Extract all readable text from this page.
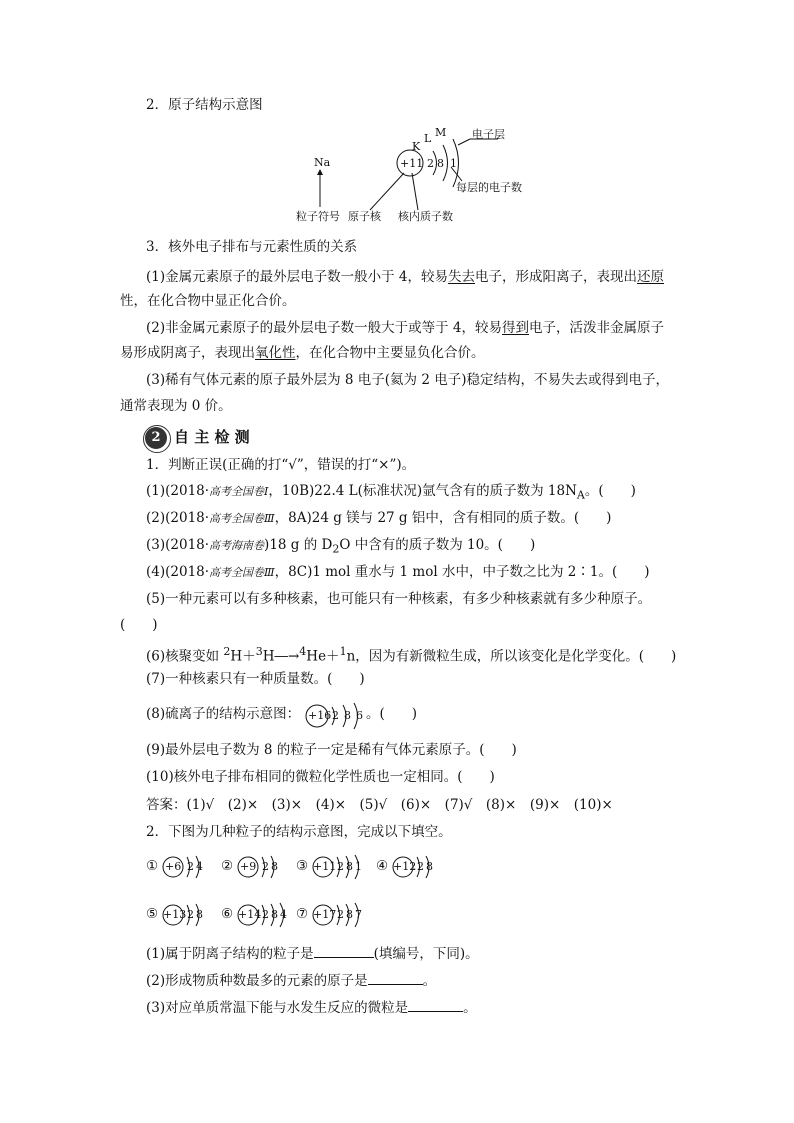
2．原子结构示意图
Na	+11 2 8 1
K
L M 电子层
每层的电子数
粒子符号 原子核 核内质子数
3．核外电子排布与元素性质的关系
(1)金属元素原子的最外层电子数一般小于 4，较易失去电子，形成阳离子，表现出还原
性，在化合物中显正化合价。
(2)非金属元素原子的最外层电子数一般大于或等于 4，较易得到电子，活泼非金属原子
易形成阴离子，表现出氧化性，在化合物中主要显负化合价。
(3)稀有气体元素的原子最外层为 8 电子(氦为 2 电子)稳定结构，不易失去或得到电子，
通常表现为 0 价。
2 自 主 检 测
1．判断正误(正确的打“√”，错误的打“×”)。
(1)(2018·高考全国卷Ⅰ，10B)22.4 L(标准状况)氩气含有的质子数为 $18N_A$。(　　)
(2)(2018·高考全国卷Ⅲ，8A)24 g 镁与 27 g 铝中，含有相同的质子数。(　　)
(3)(2018·高考海南卷)18 g 的 $D_2O$ 中含有的质子数为 10。(　　)
(4)(2018·高考全国卷Ⅲ，8C)1 mol 重水与 1 mol 水中，中子数之比为 2∶1。(　　)
(5)一种元素可以有多种核素，也可能只有一种核素，有多少种核素就有多少种原子。
(　　)
(6)核聚变如 $^2$H＋$^3$H―→$^4$He＋$^1$n，因为有新微粒生成，所以该变化是化学变化。(　　)
(7)一种核素只有一种质量数。(　　)
(8)硫离子的结构示意图： +16 2 8 6 。(　　)
(9)最外层电子数为 8 的粒子一定是稀有气体元素原子。(　　)
(10)核外电子排布相同的微粒化学性质也一定相同。(　　)
答案：(1)√　(2)×　(3)×　(4)×　(5)√　(6)×　(7)√　(8)×　(9)×　(10)×
2．下图为几种粒子的结构示意图，完成以下填空。
① +6 2 4 ② +9 2 8 ③ +11 2 8 1 ④ +12 2 8
⑤ +13 2 8 ⑥ +14 2 8 4 ⑦ +17 2 8 7
(1)属于阴离子结构的粒子是	(填编号，下同)。
(2)形成物质种数最多的元素的原子是	。
(3)对应单质常温下能与水发生反应的微粒是	。
